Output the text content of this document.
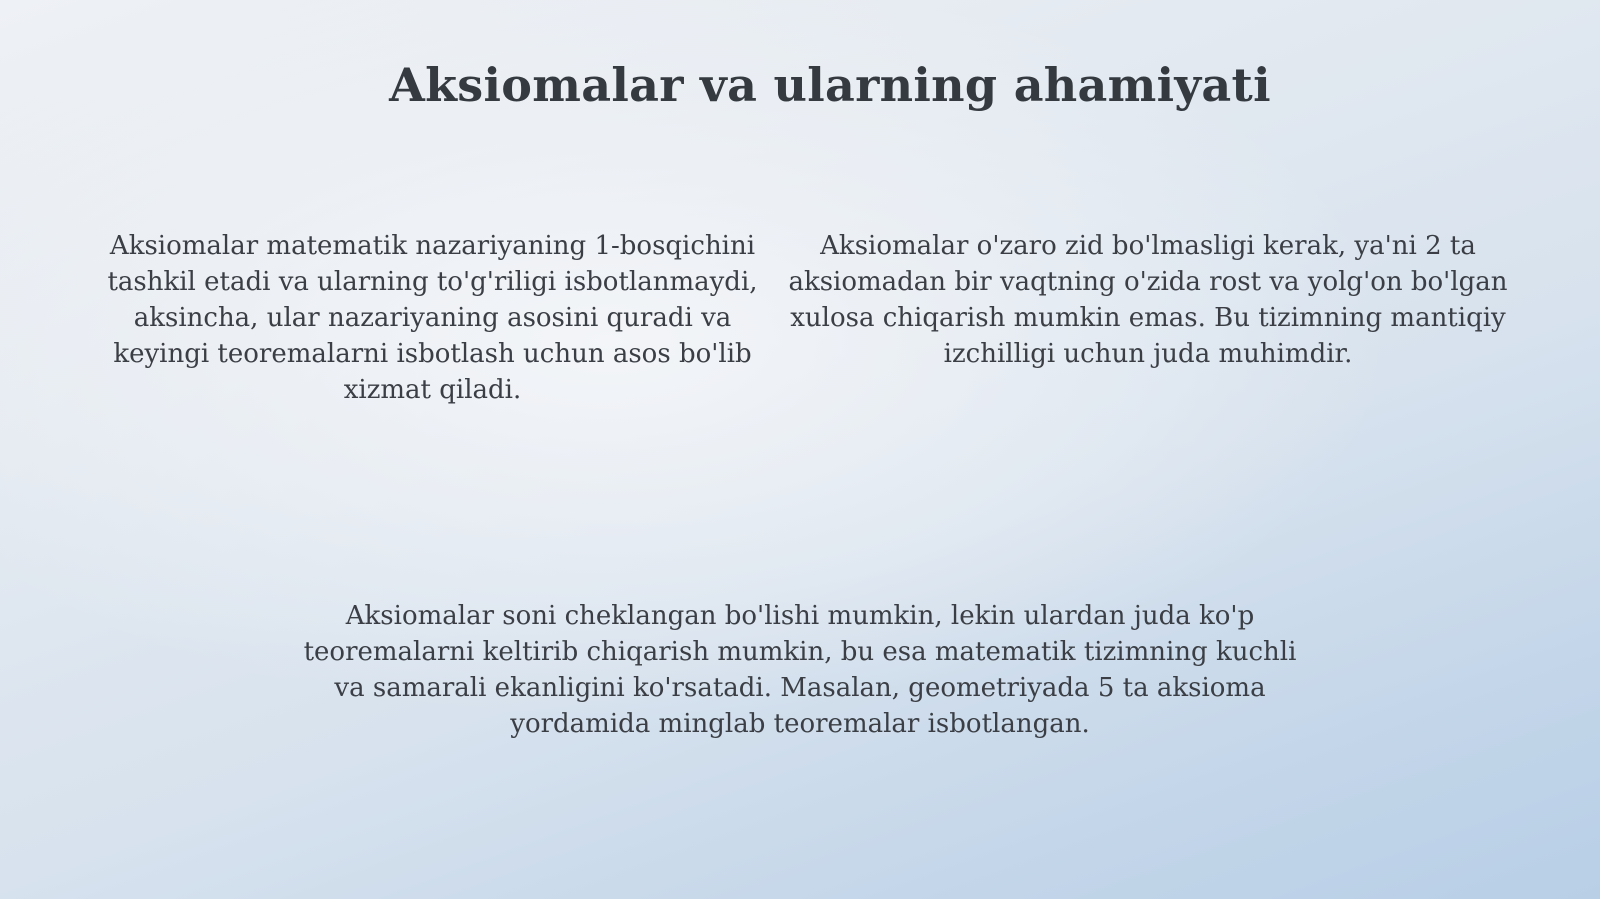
Aksiomalar va ularning ahamiyati
Aksiomalar matematik nazariyaning 1-bosqichini tashkil etadi va ularning to'g'riligi isbotlanmaydi, aksincha, ular nazariyaning asosini quradi va keyingi teoremalarni isbotlash uchun asos bo'lib xizmat qiladi.
Aksiomalar o'zaro zid bo'lmasligi kerak, ya'ni 2 ta aksiomadan bir vaqtning o'zida rost va yolg'on bo'lgan xulosa chiqarish mumkin emas. Bu tizimning mantiqiy izchilligi uchun juda muhimdir.
Aksiomalar soni cheklangan bo'lishi mumkin, lekin ulardan juda ko'p teoremalarni keltirib chiqarish mumkin, bu esa matematik tizimning kuchli va samarali ekanligini ko'rsatadi. Masalan, geometriyada 5 ta aksioma yordamida minglab teoremalar isbotlangan.
